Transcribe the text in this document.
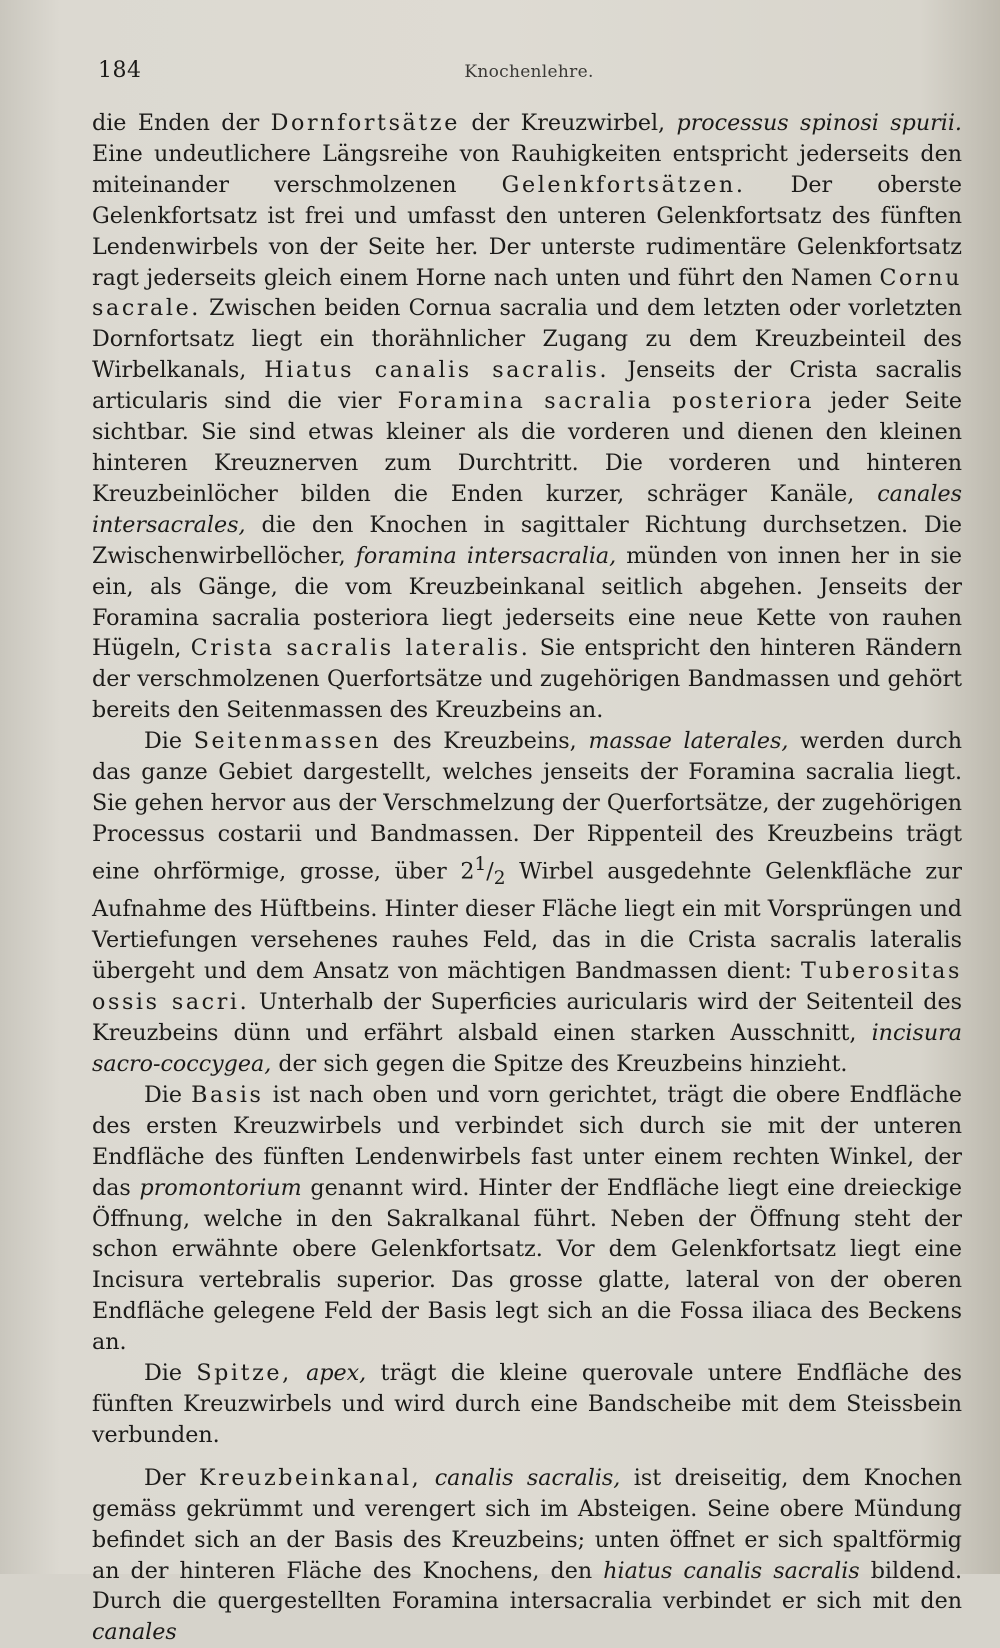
184	Knochenlehre.

die Enden der Dornfortsätze der Kreuzwirbel, processus spinosi spurii. Eine undeutlichere Längsreihe von Rauhigkeiten entspricht jederseits den miteinander verschmolzenen Gelenkfortsätzen. Der oberste Gelenkfortsatz ist frei und umfasst den unteren Gelenkfortsatz des fünften Lendenwirbels von der Seite her. Der unterste rudimentäre Gelenkfortsatz ragt jederseits gleich einem Horne nach unten und führt den Namen Cornu sacrale. Zwischen beiden Cornua sacralia und dem letzten oder vorletzten Dornfortsatz liegt ein thorähnlicher Zugang zu dem Kreuzbeinteil des Wirbelkanals, Hiatus canalis sacralis. Jenseits der Crista sacralis articularis sind die vier Foramina sacralia posteriora jeder Seite sichtbar. Sie sind etwas kleiner als die vorderen und dienen den kleinen hinteren Kreuznerven zum Durchtritt. Die vorderen und hinteren Kreuzbeinlöcher bilden die Enden kurzer, schräger Kanäle, canales intersacrales, die den Knochen in sagittaler Richtung durchsetzen. Die Zwischenwirbellöcher, foramina intersacralia, münden von innen her in sie ein, als Gänge, die vom Kreuzbeinkanal seitlich abgehen. Jenseits der Foramina sacralia posteriora liegt jederseits eine neue Kette von rauhen Hügeln, Crista sacralis lateralis. Sie entspricht den hinteren Rändern der verschmolzenen Querfortsätze und zugehörigen Bandmassen und gehört bereits den Seitenmassen des Kreuzbeins an.

Die Seitenmassen des Kreuzbeins, massae laterales, werden durch das ganze Gebiet dargestellt, welches jenseits der Foramina sacralia liegt. Sie gehen hervor aus der Verschmelzung der Querfortsätze, der zugehörigen Processus costarii und Bandmassen. Der Rippenteil des Kreuzbeins trägt eine ohrförmige, grosse, über $2^1/_2$ Wirbel ausgedehnte Gelenkfläche zur Aufnahme des Hüftbeins. Hinter dieser Fläche liegt ein mit Vorsprüngen und Vertiefungen versehenes rauhes Feld, das in die Crista sacralis lateralis übergeht und dem Ansatz von mächtigen Bandmassen dient: Tuberositas ossis sacri. Unterhalb der Superficies auricularis wird der Seitenteil des Kreuzbeins dünn und erfährt alsbald einen starken Ausschnitt, incisura sacro-coccygea, der sich gegen die Spitze des Kreuzbeins hinzieht.

Die Basis ist nach oben und vorn gerichtet, trägt die obere Endfläche des ersten Kreuzwirbels und verbindet sich durch sie mit der unteren Endfläche des fünften Lendenwirbels fast unter einem rechten Winkel, der das promontorium genannt wird. Hinter der Endfläche liegt eine dreieckige Öffnung, welche in den Sakralkanal führt. Neben der Öffnung steht der schon erwähnte obere Gelenkfortsatz. Vor dem Gelenkfortsatz liegt eine Incisura vertebralis superior. Das grosse glatte, lateral von der oberen Endfläche gelegene Feld der Basis legt sich an die Fossa iliaca des Beckens an.

Die Spitze, apex, trägt die kleine querovale untere Endfläche des fünften Kreuzwirbels und wird durch eine Bandscheibe mit dem Steissbein verbunden.

Der Kreuzbeinkanal, canalis sacralis, ist dreiseitig, dem Knochen gemäss gekrümmt und verengert sich im Absteigen. Seine obere Mündung befindet sich an der Basis des Kreuzbeins; unten öffnet er sich spaltförmig an der hinteren Fläche des Knochens, den hiatus canalis sacralis bildend. Durch die quergestellten Foramina intersacralia verbindet er sich mit den canales
